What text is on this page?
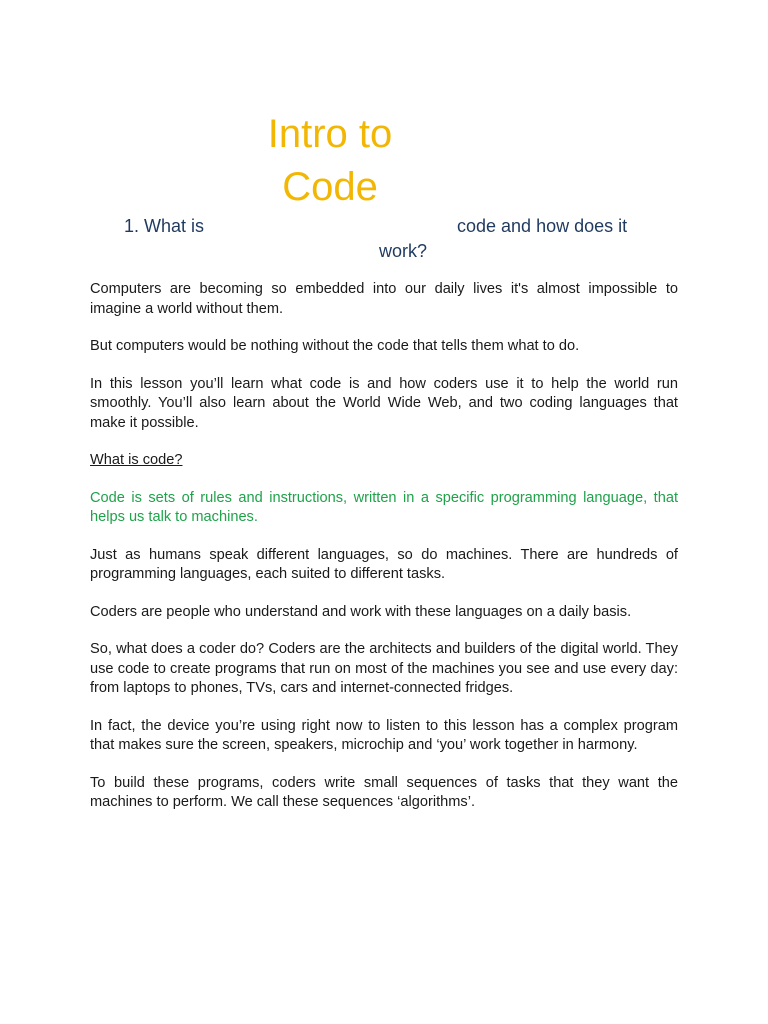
Intro to
Code
1. What is	code and how does it
work?

Computers are becoming so embedded into our daily lives it's almost impossible to imagine a world without them.

But computers would be nothing without the code that tells them what to do.

In this lesson you’ll learn what code is and how coders use it to help the world run smoothly. You’ll also learn about the World Wide Web, and two coding languages that make it possible.

What is code?

Code is sets of rules and instructions, written in a specific programming language, that helps us talk to machines.

Just as humans speak different languages, so do machines. There are hundreds of programming languages, each suited to different tasks.

Coders are people who understand and work with these languages on a daily basis.

So, what does a coder do? Coders are the architects and builders of the digital world. They use code to create programs that run on most of the machines you see and use every day: from laptops to phones, TVs, cars and internet-connected fridges.

In fact, the device you’re using right now to listen to this lesson has a complex program that makes sure the screen, speakers, microchip and ‘you’ work together in harmony.

To build these programs, coders write small sequences of tasks that they want the machines to perform. We call these sequences ‘algorithms’.
